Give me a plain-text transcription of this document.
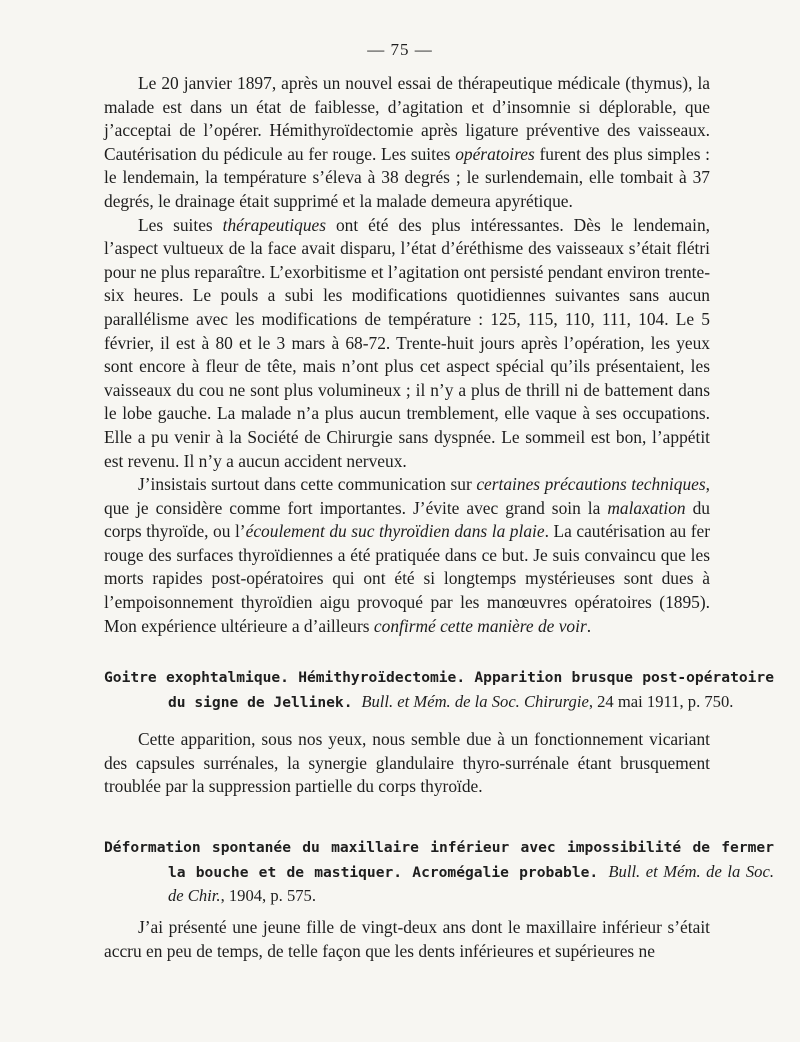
— 75 —

Le 20 janvier 1897, après un nouvel essai de thérapeutique médicale (thymus), la malade est dans un état de faiblesse, d’agitation et d’insomnie si déplorable, que j’acceptai de l’opérer. Hémithyroïdectomie après ligature préventive des vaisseaux. Cautérisation du pédicule au fer rouge. Les suites opératoires furent des plus simples : le lendemain, la température s’éleva à 38 degrés ; le surlendemain, elle tombait à 37 degrés, le drainage était supprimé et la malade demeura apyrétique.

Les suites thérapeutiques ont été des plus intéressantes. Dès le lendemain, l’aspect vultueux de la face avait disparu, l’état d’éréthisme des vaisseaux s’était flétri pour ne plus reparaître. L’exorbitisme et l’agitation ont persisté pendant environ trente-six heures. Le pouls a subi les modifications quotidiennes suivantes sans aucun parallélisme avec les modifications de température : 125, 115, 110, 111, 104. Le 5 février, il est à 80 et le 3 mars à 68-72. Trente-huit jours après l’opération, les yeux sont encore à fleur de tête, mais n’ont plus cet aspect spécial qu’ils présentaient, les vaisseaux du cou ne sont plus volumineux ; il n’y a plus de thrill ni de battement dans le lobe gauche. La malade n’a plus aucun tremblement, elle vaque à ses occupations. Elle a pu venir à la Société de Chirurgie sans dyspnée. Le sommeil est bon, l’appétit est revenu. Il n’y a aucun accident nerveux.

J’insistais surtout dans cette communication sur certaines précautions techniques, que je considère comme fort importantes. J’évite avec grand soin la malaxation du corps thyroïde, ou l’écoulement du suc thyroïdien dans la plaie. La cautérisation au fer rouge des surfaces thyroïdiennes a été pratiquée dans ce but. Je suis convaincu que les morts rapides post-opératoires qui ont été si longtemps mystérieuses sont dues à l’empoisonnement thyroïdien aigu provoqué par les manœuvres opératoires (1895). Mon expérience ultérieure a d’ailleurs confirmé cette manière de voir.

Goitre exophtalmique. Hémithyroïdectomie. Apparition brusque post-opératoire du signe de Jellinek. Bull. et Mém. de la Soc. Chirurgie, 24 mai 1911, p. 750.

Cette apparition, sous nos yeux, nous semble due à un fonctionnement vicariant des capsules surrénales, la synergie glandulaire thyro-surrénale étant brusquement troublée par la suppression partielle du corps thyroïde.

Déformation spontanée du maxillaire inférieur avec impossibilité de fermer la bouche et de mastiquer. Acromégalie probable. Bull. et Mém. de la Soc. de Chir., 1904, p. 575.

J’ai présenté une jeune fille de vingt-deux ans dont le maxillaire inférieur s’était accru en peu de temps, de telle façon que les dents inférieures et supérieures ne
